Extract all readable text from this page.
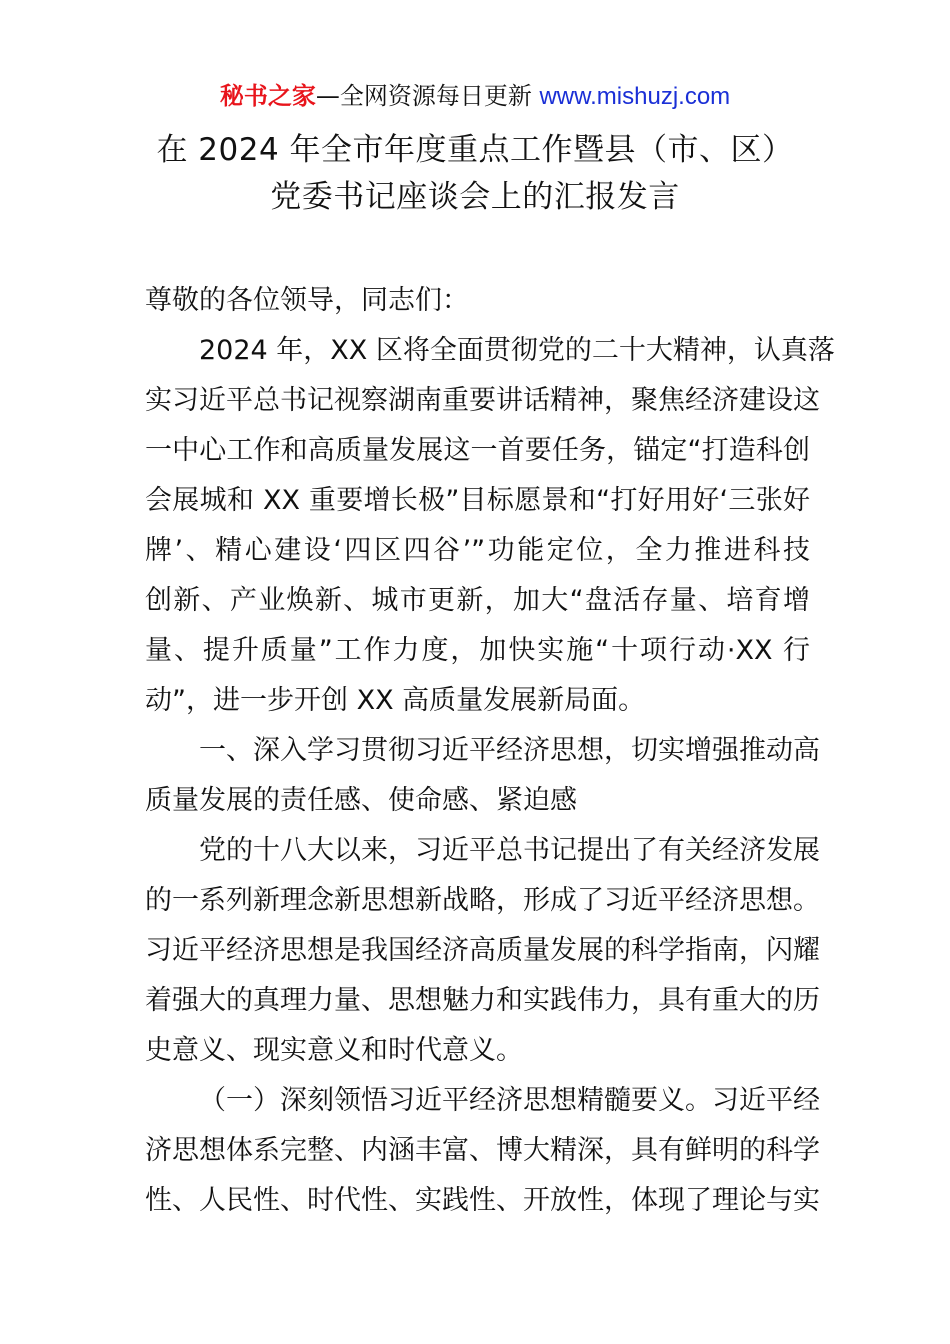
秘书之家—全网资源每日更新 www.mishuzj.com
在 2024 年全市年度重点工作暨县（市、区）
党委书记座谈会上的汇报发言
尊敬的各位领导，同志们：
2024 年，XX 区将全面贯彻党的二十大精神，认真落
实习近平总书记视察湖南重要讲话精神，聚焦经济建设这
一中心工作和高质量发展这一首要任务，锚定“打造科创
会展城和 XX 重要增长极”目标愿景和“打好用好‘三张好
牌’、精心建设‘四区四谷’”功能定位，全力推进科技
创新、产业焕新、城市更新，加大“盘活存量、培育增
量、提升质量”工作力度，加快实施“十项行动·XX 行
动”，进一步开创 XX 高质量发展新局面。
一、深入学习贯彻习近平经济思想，切实增强推动高
质量发展的责任感、使命感、紧迫感
党的十八大以来，习近平总书记提出了有关经济发展
的一系列新理念新思想新战略，形成了习近平经济思想。
习近平经济思想是我国经济高质量发展的科学指南，闪耀
着强大的真理力量、思想魅力和实践伟力，具有重大的历
史意义、现实意义和时代意义。
（一）深刻领悟习近平经济思想精髓要义。习近平经
济思想体系完整、内涵丰富、博大精深，具有鲜明的科学
性、人民性、时代性、实践性、开放性，体现了理论与实
